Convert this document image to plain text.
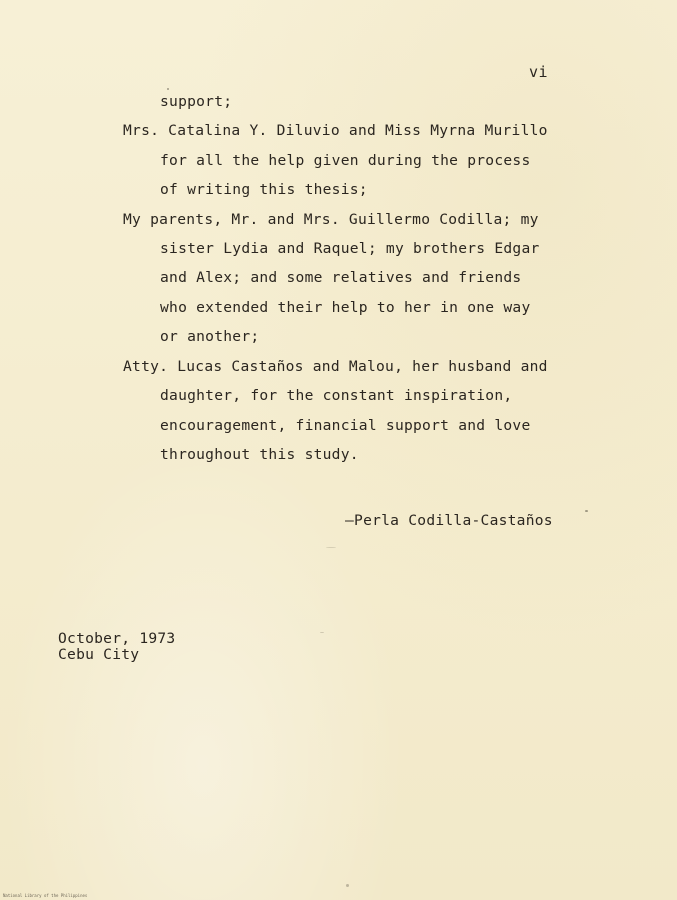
vi
support;
Mrs. Catalina Y. Diluvio and Miss Myrna Murillo
for all the help given during the process
of writing this thesis;
My parents, Mr. and Mrs. Guillermo Codilla; my
sister Lydia and Raquel; my brothers Edgar
and Alex; and some relatives and friends
who extended their help to her in one way
or another;
Atty. Lucas Castaños and Malou, her husband and
daughter, for the constant inspiration,
encouragement, financial support and love
throughout this study.
—Perla Codilla-Castaños
October, 1973
Cebu City
National Library of the Philippines
